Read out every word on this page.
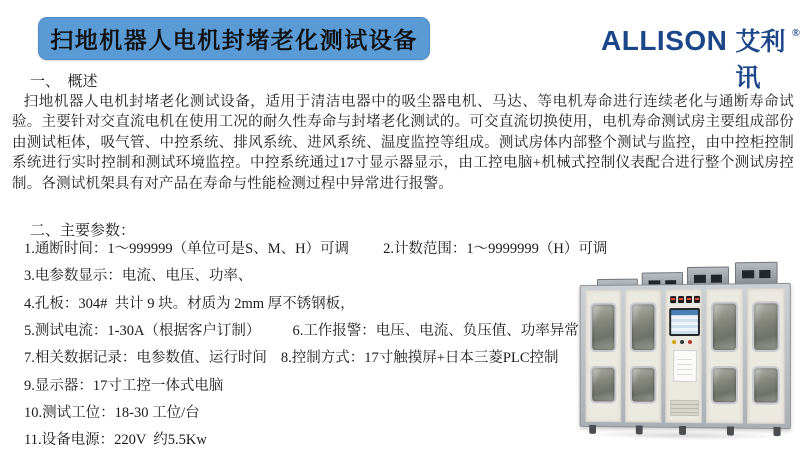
扫地机器人电机封堵老化测试设备	ALLISON 艾利讯
®
一、　概述
扫地机器人电机封堵老化测试设备，适用于清洁电器中的吸尘器电机、马达、等电机寿命进行连续老化与通断寿命试验。主要针对交直流电机在使用工况的耐久性寿命与封堵老化测试的。可交直流切换使用，电机寿命测试房主要组成部份由测试柜体，吸气管、中控系统、排风系统、进风系统、温度监控等组成。测试房体内部整个测试与监控，由中控柜控制系统进行实时控制和测试环境监控。中控系统通过17寸显示器显示，由工控电脑+机械式控制仪表配合进行整个测试房控制。各测试机架具有对产品在寿命与性能检测过程中异常进行报警。
二、主要参数：
1.通断时间：1～999999（单位可是S、M、H）可调 2.计数范围：1～9999999（H）可调
3.电参数显示：电流、电压、功率、
4.孔板：304#  共计 9 块。材质为 2mm 厚不锈钢板，
5.测试电流：1-30A（根据客户订制） 6.工作报警：电压、电流、负压值、功率异常
7.相关数据记录：电参数值、运行时间 8.控制方式：17寸触摸屏+日本三菱PLC控制
9.显示器：17寸工控一体式电脑
10.测试工位：18-30 工位/台
11.设备电源：220V  约5.5Kw
